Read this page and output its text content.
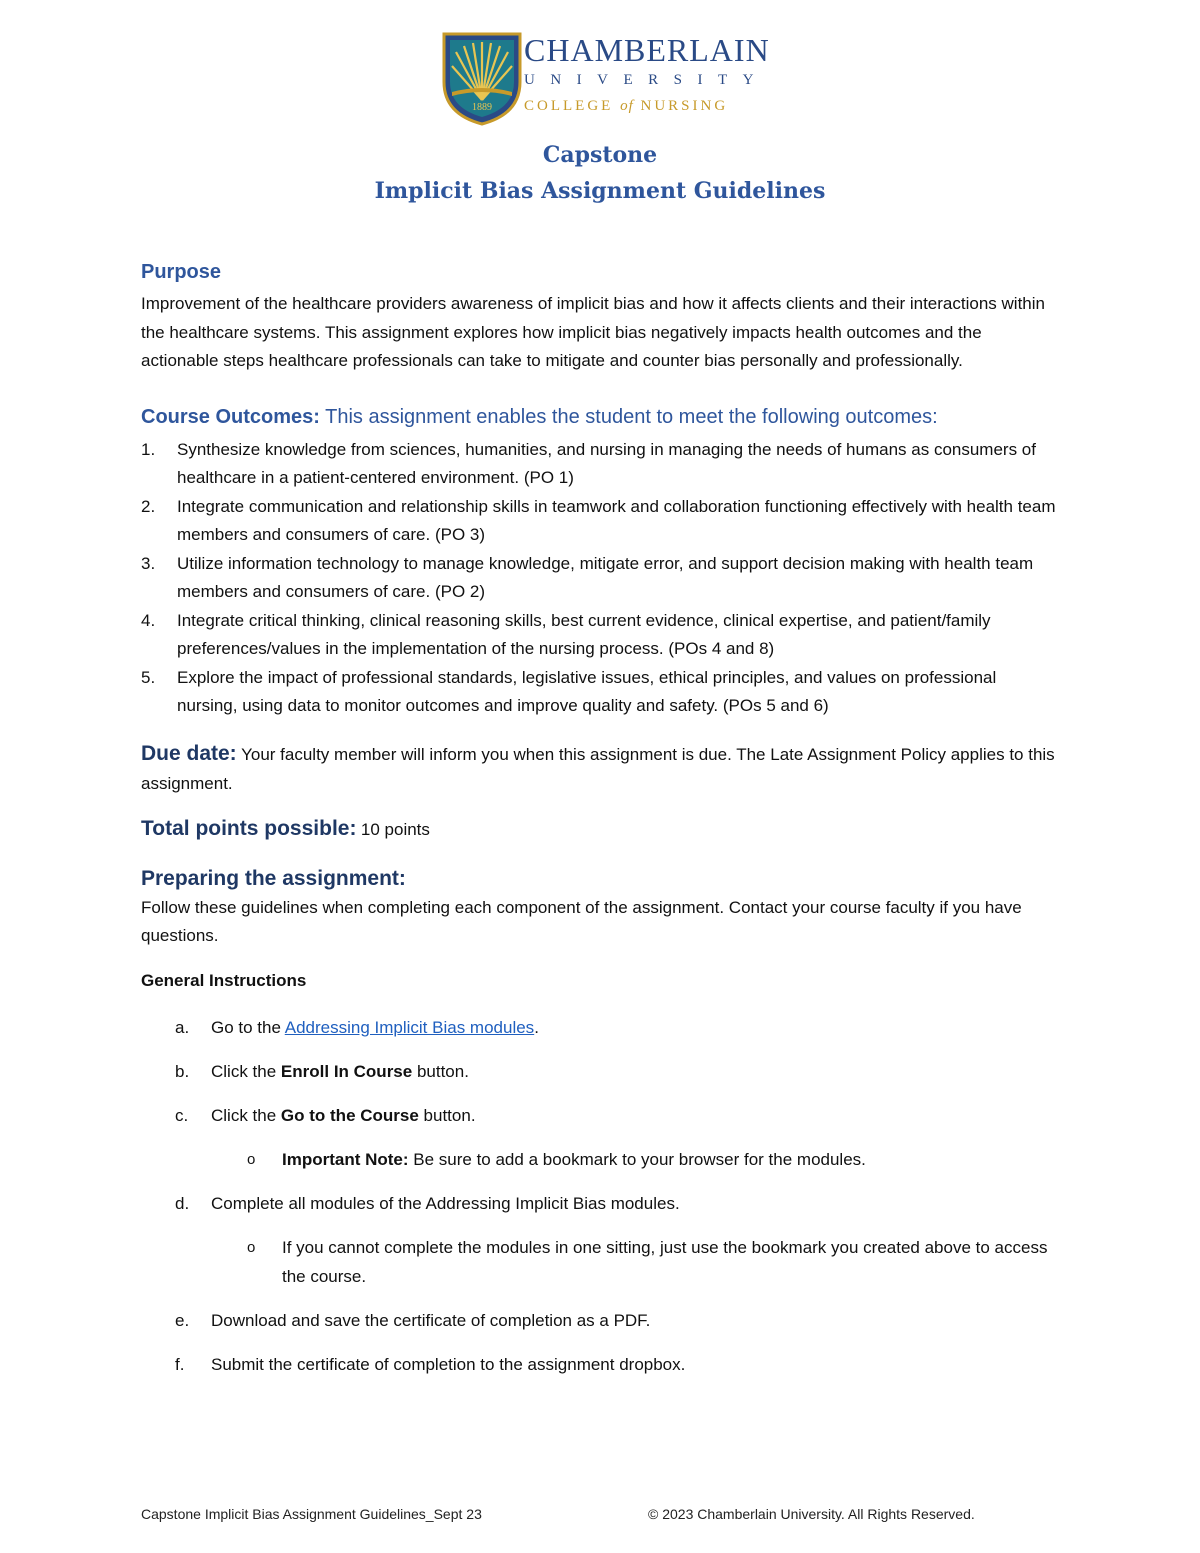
1889
CHAMBERLAIN
UNIVERSITY
COLLEGE of NURSING
Capstone
Implicit Bias Assignment Guidelines
Purpose

Improvement of the healthcare providers awareness of implicit bias and how it affects clients and their interactions within the healthcare systems. This assignment explores how implicit bias negatively impacts health outcomes and the actionable steps healthcare professionals can take to mitigate and counter bias personally and professionally.

Course Outcomes: This assignment enables the student to meet the following outcomes:
1. Synthesize knowledge from sciences, humanities, and nursing in managing the needs of humans as consumers of healthcare in a patient-centered environment. (PO 1)
2. Integrate communication and relationship skills in teamwork and collaboration functioning effectively with health team members and consumers of care. (PO 3)
3. Utilize information technology to manage knowledge, mitigate error, and support decision making with health team members and consumers of care. (PO 2)
4. Integrate critical thinking, clinical reasoning skills, best current evidence, clinical expertise, and patient/family preferences/values in the implementation of the nursing process. (POs 4 and 8)
5. Explore the impact of professional standards, legislative issues, ethical principles, and values on professional nursing, using data to monitor outcomes and improve quality and safety. (POs 5 and 6)
Due date: Your faculty member will inform you when this assignment is due. The Late Assignment Policy applies to this assignment.
Total points possible: 10 points
Preparing the assignment:

Follow these guidelines when completing each component of the assignment. Contact your course faculty if you have questions.

General Instructions
a. Go to the Addressing Implicit Bias modules.
b. Click the Enroll In Course button.
c. Click the Go to the Course button.
o Important Note: Be sure to add a bookmark to your browser for the modules.
d. Complete all modules of the Addressing Implicit Bias modules.
o If you cannot complete the modules in one sitting, just use the bookmark you created above to access the course.
e. Download and save the certificate of completion as a PDF.
f. Submit the certificate of completion to the assignment dropbox.
Capstone Implicit Bias Assignment Guidelines_Sept 23	© 2023 Chamberlain University. All Rights Reserved.
